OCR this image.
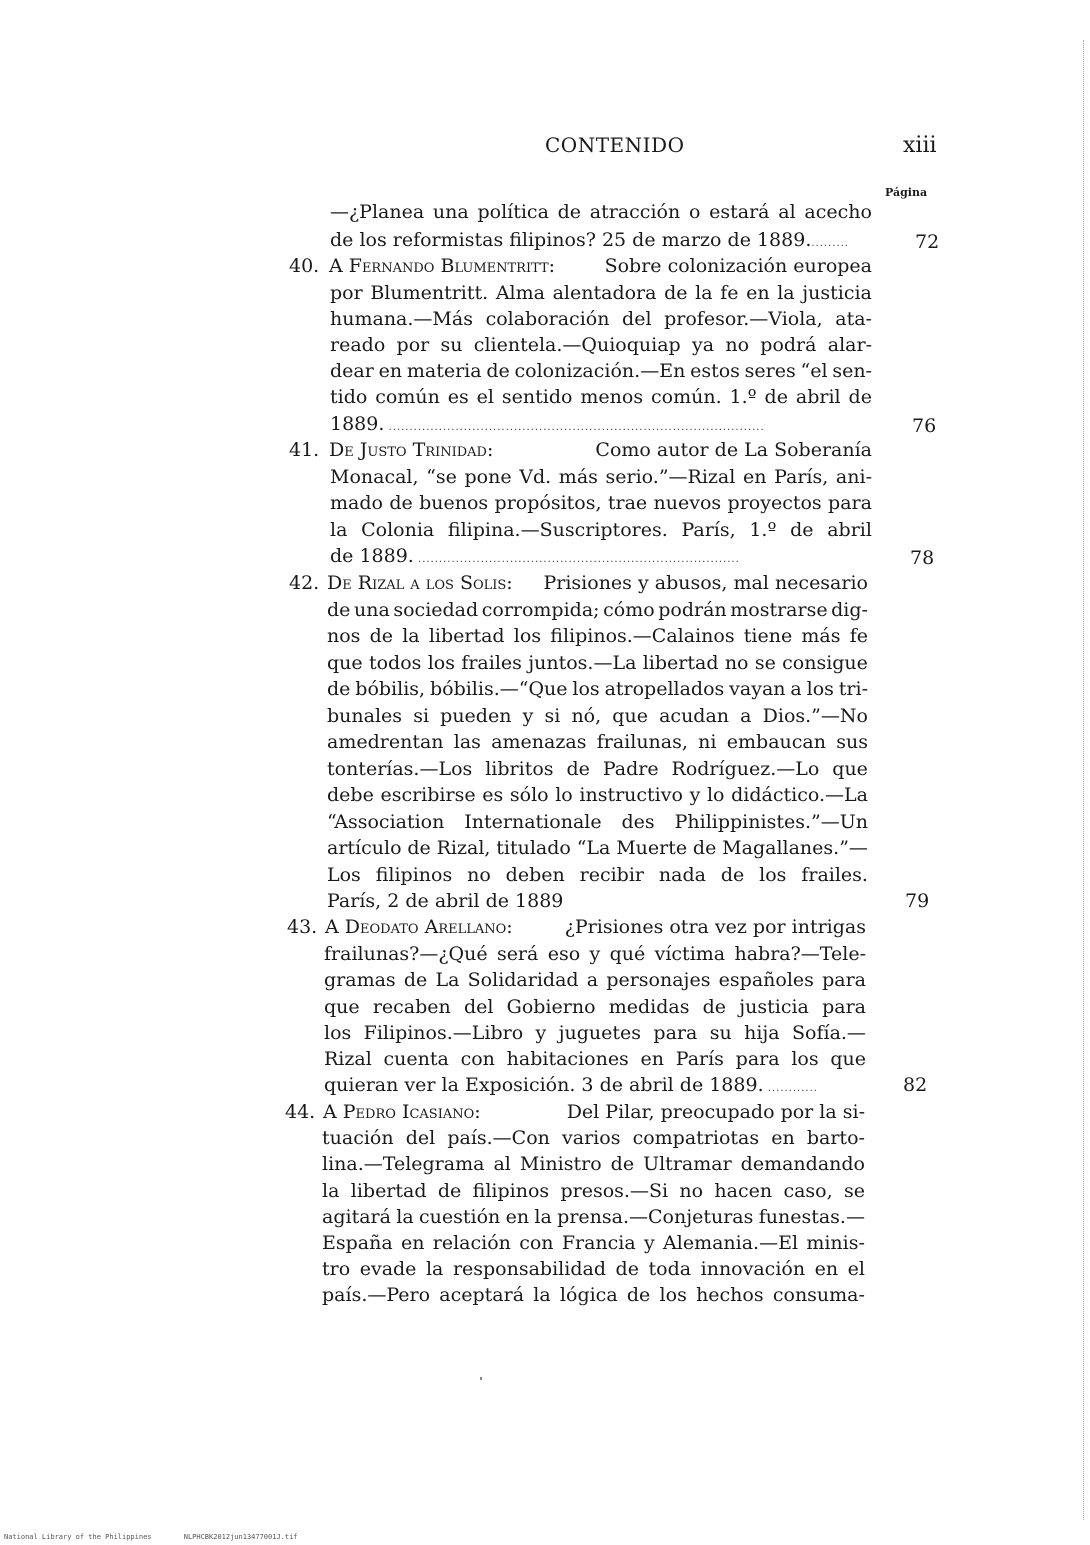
CONTENIDO	xiii
Página
—¿Planea una política de atracción o estará al acecho
de los reformistas filipinos? 25 de marzo de 1889..........	72
40. A Fernando Blumentritt:	Sobre colonización europea
por Blumentritt. Alma alentadora de la fe en la justicia
humana.—Más colaboración del profesor.—Viola, ata-
reado por su clientela.—Quioquiap ya no podrá alar-
dear en materia de colonización.—En estos seres “el sen-
tido común es el sentido menos común. 1.º de abril de
1889. ..........................................................................................	76
41. De Justo Trinidad:	Como autor de La Soberanía
Monacal, “se pone Vd. más serio.”—Rizal en París, ani-
mado de buenos propósitos, trae nuevos proyectos para
la Colonia filipina.—Suscriptores. París, 1.º de abril
de 1889. .............................................................................	78
42. De Rizal a los Solis: Prisiones y abusos, mal necesario
de una sociedad corrompida; cómo podrán mostrarse dig-
nos de la libertad los filipinos.—Calainos tiene más fe
que todos los frailes juntos.—La libertad no se consigue
de bóbilis, bóbilis.—“Que los atropellados vayan a los tri-
bunales si pueden y si nó, que acudan a Dios.”—No
amedrentan las amenazas frailunas, ni embaucan sus
tonterías.—Los libritos de Padre Rodríguez.—Lo que
debe escribirse es sólo lo instructivo y lo didáctico.—La
“Association Internationale des Philippinistes.”—Un
artículo de Rizal, titulado “La Muerte de Magallanes.”—
Los filipinos no deben recibir nada de los frailes.
París, 2 de abril de 1889	79
43. A Deodato Arellano:	¿Prisiones otra vez por intrigas
frailunas?—¿Qué será eso y qué víctima habra?—Tele-
gramas de La Solidaridad a personajes españoles para
que recaben del Gobierno medidas de justicia para
los Filipinos.—Libro y juguetes para su hija Sofía.—
Rizal cuenta con habitaciones en París para los que
quieran ver la Exposición. 3 de abril de 1889. ............	82
44. A Pedro Icasiano:	Del Pilar, preocupado por la si-
tuación del país.—Con varios compatriotas en barto-
lina.—Telegrama al Ministro de Ultramar demandando
la libertad de filipinos presos.—Si no hacen caso, se
agitará la cuestión en la prensa.—Conjeturas funestas.—
España en relación con Francia y Alemania.—El minis-
tro evade la responsabilidad de toda innovación en el
país.—Pero aceptará la lógica de los hechos consuma-
National Library of the Philippines	NLPHCBK2012jun13477001J.tif
